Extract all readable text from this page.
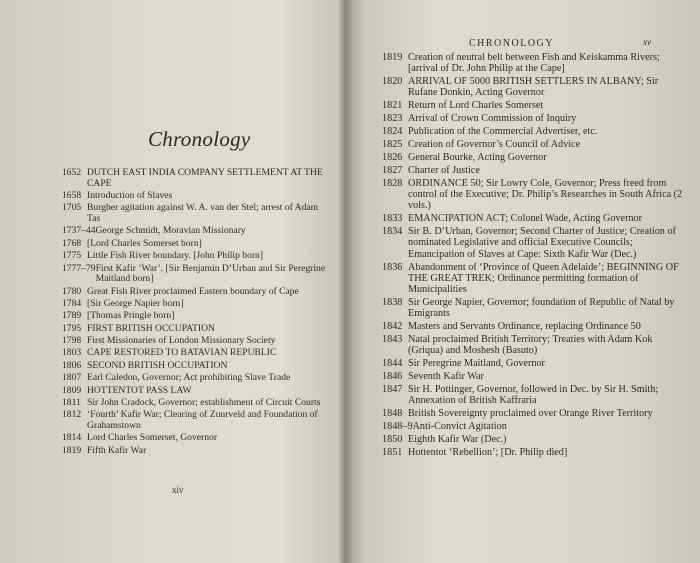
Chronology
1652 DUTCH EAST INDIA COMPANY SETTLEMENT AT THE CAPE
1658 Introduction of Slaves
1705 Burgher agitation against W. A. van der Stel; arrest of Adam Tas
1737–44 George Schmidt, Moravian Missionary
1768 [Lord Charles Somerset born]
1775 Little Fish River boundary. [John Philip born]
1777–79 First Kafir ‘War’. [Sir Benjamin D’Urban and Sir Peregrine Maitland born]
1780 Great Fish River proclaimed Eastern boundary of Cape
1784 [Sir George Napier born]
1789 [Thomas Pringle born]
1795 FIRST BRITISH OCCUPATION
1798 First Missionaries of London Missionary Society
1803 CAPE RESTORED TO BATAVIAN REPUBLIC
1806 SECOND BRITISH OCCUPATION
1807 Earl Caledon, Governor; Act prohibiting Slave Trade
1809 HOTTENTOT PASS LAW
1811 Sir John Cradock, Governor; establishment of Circuit Courts
1812 ‘Fourth’ Kafir War; Clearing of Zuurveld and Foundation of Grahamstown
1814 Lord Charles Somerset, Governor
1819 Fifth Kafir War
xiv
CHRONOLOGY	xv
1819 Creation of neutral belt between Fish and Keiskamma Rivers; [arrival of Dr. John Philip at the Cape]
1820 ARRIVAL OF 5000 BRITISH SETTLERS IN ALBANY; Sir Rufane Donkin, Acting Governor
1821 Return of Lord Charles Somerset
1823 Arrival of Crown Commission of Inquiry
1824 Publication of the Commercial Advertiser, etc.
1825 Creation of Governor’s Council of Advice
1826 General Bourke, Acting Governor
1827 Charter of Justice
1828 ORDINANCE 50; Sir Lowry Cole, Governor; Press freed from control of the Executive; Dr. Philip’s Researches in South Africa (2 vols.)
1833 EMANCIPATION ACT; Colonel Wade, Acting Governor
1834 Sir B. D’Urban, Governor; Second Charter of Justice; Creation of nominated Legislative and official Executive Councils; Emancipation of Slaves at Cape: Sixth Kafir War (Dec.)
1836 Abandonment of ‘Province of Queen Adelaide’; BEGINNING OF THE GREAT TREK; Ordinance permitting formation of Municipalities
1838 Sir George Napier, Governor; foundation of Republic of Natal by Emigrants
1842 Masters and Servants Ordinance, replacing Ordinance 50
1843 Natal proclaimed British Territory; Treaties with Adam Kok (Griqua) and Moshesh (Basuto)
1844 Sir Peregrine Maitland, Governor
1846 Seventh Kafir War
1847 Sir H. Pottinger, Governor, followed in Dec. by Sir H. Smith; Annexation of British Kaffraria
1848 British Sovereignty proclaimed over Orange River Territory
1848–9 Anti-Convict Agitation
1850 Eighth Kafir War (Dec.)
1851 Hottentot ‘Rebellion’; [Dr. Philip died]
